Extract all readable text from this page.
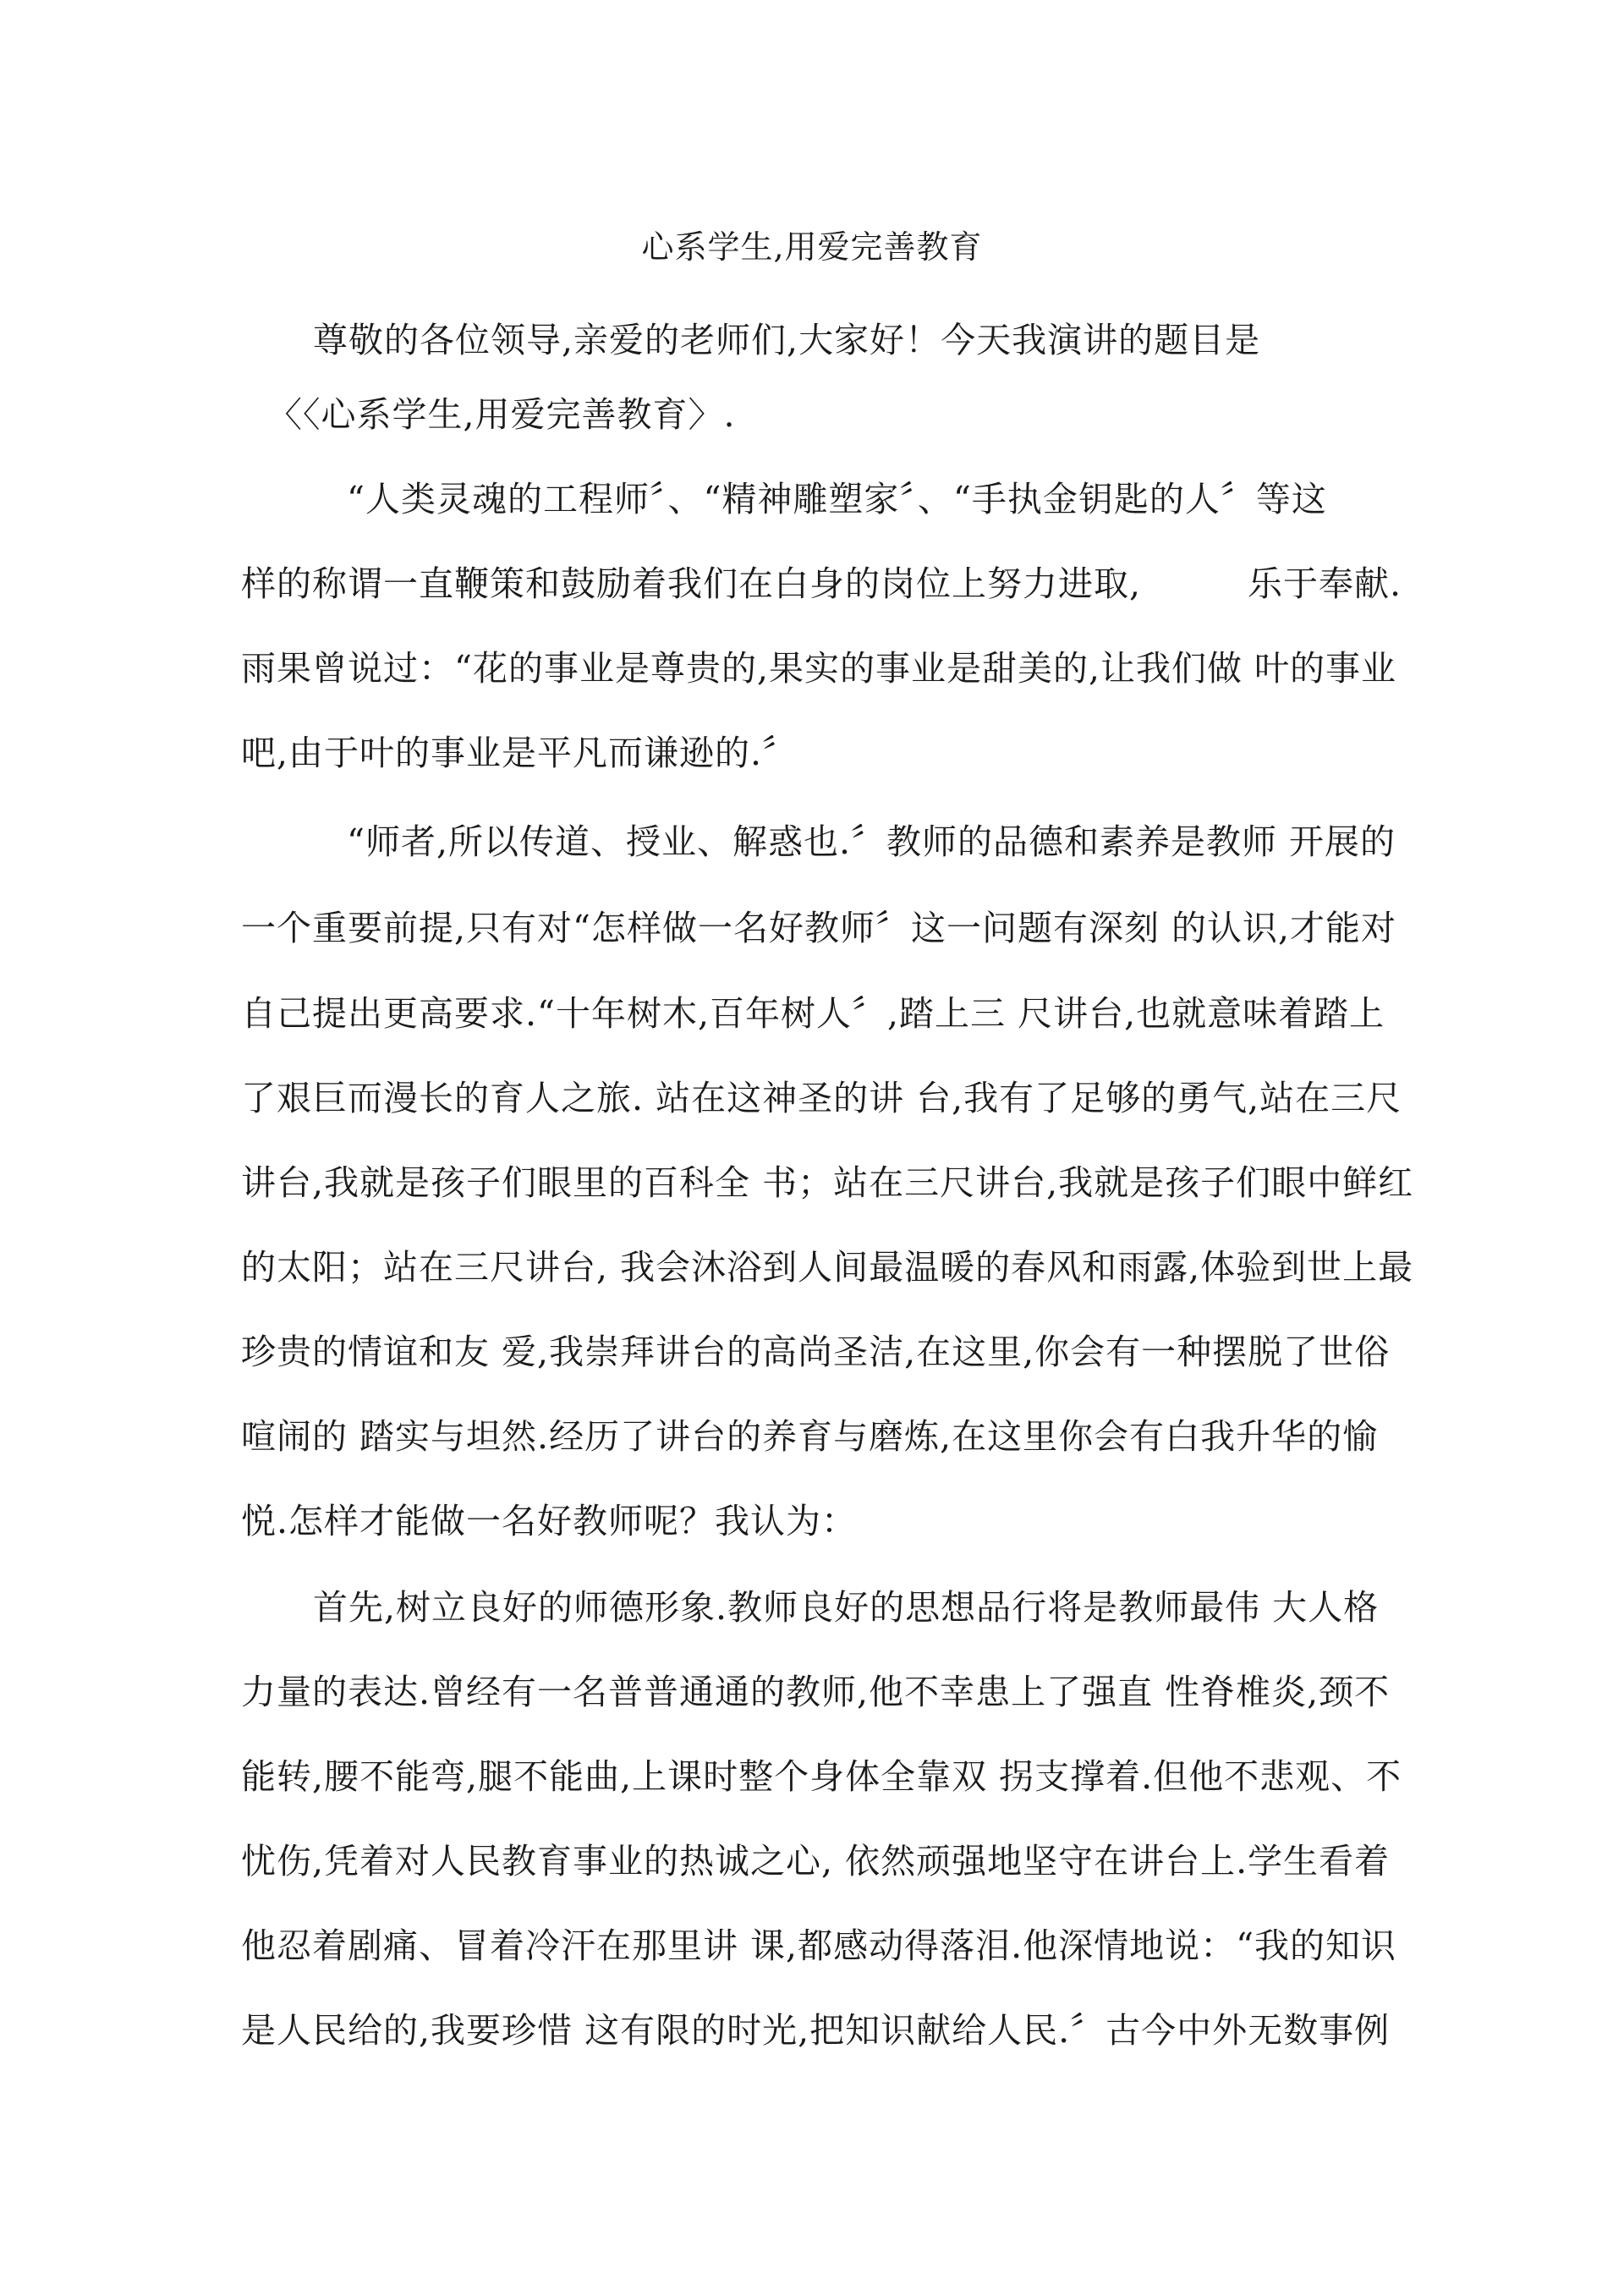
心系学生,用爱完善教育
尊敬的各位领导,亲爱的老师们,大家好！今天我演讲的题目是
〈〈心系学生,用爱完善教育〉.
“人类灵魂的工程师〞、“精神雕塑家〞、“手执金钥匙的人〞等这
样的称谓一直鞭策和鼓励着我们在白身的岗位上努力进取,　　　乐于奉献.
雨果曾说过：“花的事业是尊贵的,果实的事业是甜美的,让我们做 叶的事业
吧,由于叶的事业是平凡而谦逊的.〞
“师者,所以传道、授业、解惑也.〞教师的品德和素养是教师 开展的
一个重要前提,只有对“怎样做一名好教师〞这一问题有深刻 的认识,才能对
自己提出更高要求.“十年树木,百年树人〞,踏上三 尺讲台,也就意味着踏上
了艰巨而漫长的育人之旅. 站在这神圣的讲 台,我有了足够的勇气,站在三尺
讲台,我就是孩子们眼里的百科全 书；站在三尺讲台,我就是孩子们眼中鲜红
的太阳；站在三尺讲台, 我会沐浴到人间最温暖的春风和雨露,体验到世上最
珍贵的情谊和友 爱,我崇拜讲台的高尚圣洁,在这里,你会有一种摆脱了世俗
喧闹的 踏实与坦然.经历了讲台的养育与磨炼,在这里你会有白我升华的愉
悦.怎样才能做一名好教师呢？我认为：
首先,树立良好的师德形象.教师良好的思想品行将是教师最伟 大人格
力量的表达.曾经有一名普普通通的教师,他不幸患上了强直 性脊椎炎,颈不
能转,腰不能弯,腿不能曲,上课时整个身体全靠双 拐支撑着.但他不悲观、不
忧伤,凭着对人民教育事业的热诚之心, 依然顽强地坚守在讲台上.学生看着
他忍着剧痛、冒着冷汗在那里讲 课,都感动得落泪.他深情地说：“我的知识
是人民给的,我要珍惜 这有限的时光,把知识献给人民.〞古今中外无数事例
